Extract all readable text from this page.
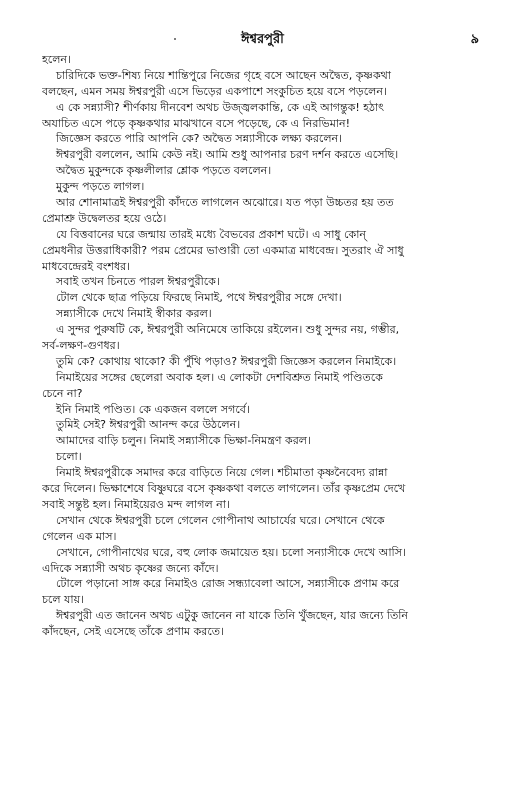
ঈশ্বরপুরী	৯
হলেন।
চারিদিকে ভক্ত-শিষ্য নিয়ে শান্তিপুরে নিজের গৃহে বসে আছেন অদ্বৈত, কৃষ্ণকথা
বলছেন, এমন সময় ঈশ্বরপুরী এসে ভিড়ের একপাশে সংকুচিত হয়ে বসে পড়লেন।
এ কে সন্ন্যাসী? শীর্ণকায় দীনবেশ অথচ উজ্জ্বলকান্তি, কে এই আগন্তুক! হঠাৎ
অযাচিত এসে পড়ে কৃষ্ণকথার মাঝখানে বসে পড়েছে, কে এ নিরভিমান!
জিজ্ঞেস করতে পারি আপনি কে? অদ্বৈত সন্ন্যাসীকে লক্ষ্য করলেন।
ঈশ্বরপুরী বললেন, আমি কেউ নই। আমি শুধু আপনার চরণ দর্শন করতে এসেছি।
অদ্বৈত মুকুন্দকে কৃষ্ণলীলার শ্লোক পড়তে বললেন।
মুকুন্দ পড়তে লাগল।
আর শোনামাত্রই ঈশ্বরপুরী কাঁদতে লাগলেন অঝোরে। যত পড়া উচ্চতর হয় তত
প্রেমাশ্রু উদ্বেলতর হয়ে ওঠে।
যে বিত্তবানের ঘরে জন্মায় তারই মধ্যে বৈভবের প্রকাশ ঘটে। এ সাধু কোন্
প্রেমধনীর উত্তরাধিকারী? পরম প্রেমের ভাণ্ডারী তো একমাত্র মাধবেন্দ্র। সুতরাং ঐ সাধু
মাধবেন্দ্রেরই বংশধর।
সবাই তখন চিনতে পারল ঈশ্বরপুরীকে।
টোল থেকে ছাত্র পড়িয়ে ফিরছে নিমাই, পথে ঈশ্বরপুরীর সঙ্গে দেখা।
সন্ন্যাসীকে দেখে নিমাই স্বীকার করল।
এ সুন্দর পুরুষটি কে, ঈশ্বরপুরী অনিমেষে তাকিয়ে রইলেন। শুধু সুন্দর নয়, গম্ভীর,
সর্ব-লক্ষণ-গুণধর।
তুমি কে? কোথায় থাকো? কী পুঁথি পড়াও? ঈশ্বরপুরী জিজ্ঞেস করলেন নিমাইকে।
নিমাইয়ের সঙ্গের ছেলেরা অবাক হল। এ লোকটা দেশবিশ্রুত নিমাই পণ্ডিতকে
চেনে না?
ইনি নিমাই পণ্ডিত। কে একজন বললে সগর্বে।
তুমিই সেই? ঈশ্বরপুরী আনন্দ করে উঠলেন।
আমাদের বাড়ি চলুন। নিমাই সন্ন্যাসীকে ভিক্ষা-নিমন্ত্রণ করল।
চলো।
নিমাই ঈশ্বরপুরীকে সমাদর করে বাড়িতে নিয়ে গেল। শচীমাতা কৃষ্ণনৈবেদ্য রান্না
করে দিলেন। ভিক্ষাশেষে বিষ্ণুঘরে বসে কৃষ্ণকথা বলতে লাগলেন। তাঁর কৃষ্ণপ্রেম দেখে
সবাই সন্তুষ্ট হল। নিমাইয়েরও মন্দ লাগল না।
সেখান থেকে ঈশ্বরপুরী চলে গেলেন গোপীনাথ আচার্যের ঘরে। সেখানে থেকে
গেলেন এক মাস।
সেখানে, গোপীনাথের ঘরে, বহু লোক জমায়েত হয়। চলো সন্যাসীকে দেখে আসি।
এদিকে সন্ন্যাসী অথচ কৃষ্ণের জন্যে কাঁদে।
টোলে পড়ানো সাঙ্গ করে নিমাইও রোজ সন্ধ্যাবেলা আসে, সন্ন্যাসীকে প্রণাম করে
চলে যায়।
ঈশ্বরপুরী এত জানেন অথচ এটুকু জানেন না যাকে তিনি খুঁজছেন, যার জন্যে তিনি
কাঁদছেন, সেই এসেছে তাঁকে প্রণাম করতে।
